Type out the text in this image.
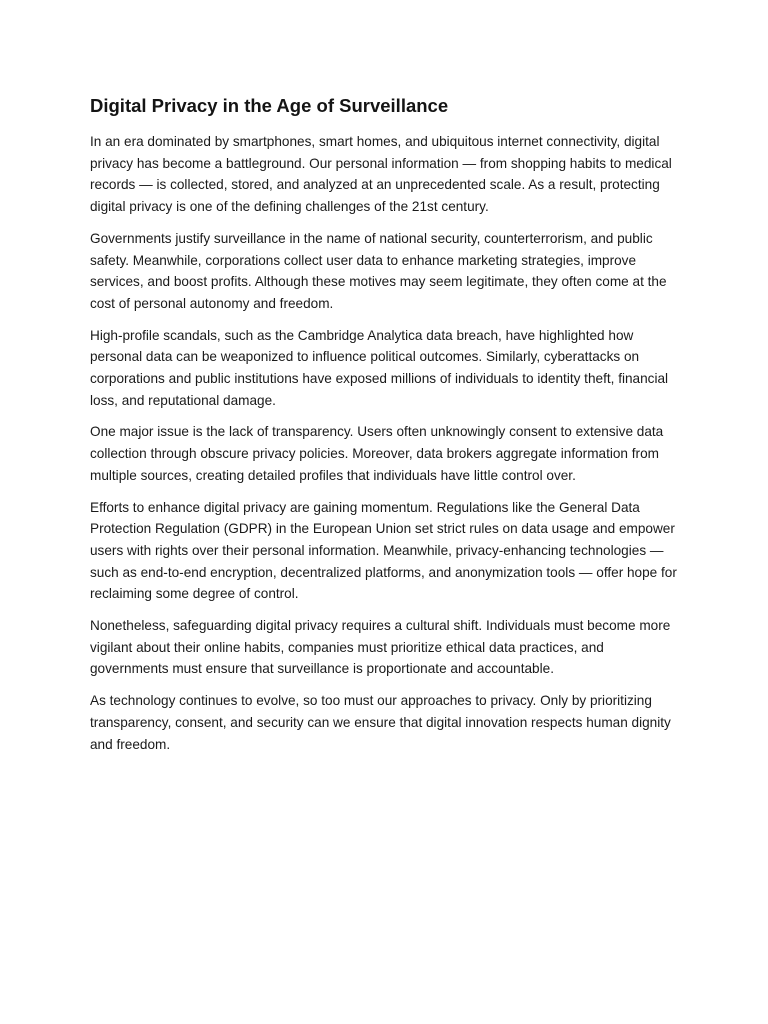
Digital Privacy in the Age of Surveillance

In an era dominated by smartphones, smart homes, and ubiquitous internet connectivity, digital privacy has become a battleground. Our personal information — from shopping habits to medical records — is collected, stored, and analyzed at an unprecedented scale. As a result, protecting digital privacy is one of the defining challenges of the 21st century.

Governments justify surveillance in the name of national security, counterterrorism, and public safety. Meanwhile, corporations collect user data to enhance marketing strategies, improve services, and boost profits. Although these motives may seem legitimate, they often come at the cost of personal autonomy and freedom.

High-profile scandals, such as the Cambridge Analytica data breach, have highlighted how personal data can be weaponized to influence political outcomes. Similarly, cyberattacks on corporations and public institutions have exposed millions of individuals to identity theft, financial loss, and reputational damage.

One major issue is the lack of transparency. Users often unknowingly consent to extensive data collection through obscure privacy policies. Moreover, data brokers aggregate information from multiple sources, creating detailed profiles that individuals have little control over.

Efforts to enhance digital privacy are gaining momentum. Regulations like the General Data Protection Regulation (GDPR) in the European Union set strict rules on data usage and empower users with rights over their personal information. Meanwhile, privacy-enhancing technologies — such as end-to-end encryption, decentralized platforms, and anonymization tools — offer hope for reclaiming some degree of control.

Nonetheless, safeguarding digital privacy requires a cultural shift. Individuals must become more vigilant about their online habits, companies must prioritize ethical data practices, and governments must ensure that surveillance is proportionate and accountable.

As technology continues to evolve, so too must our approaches to privacy. Only by prioritizing transparency, consent, and security can we ensure that digital innovation respects human dignity and freedom.
